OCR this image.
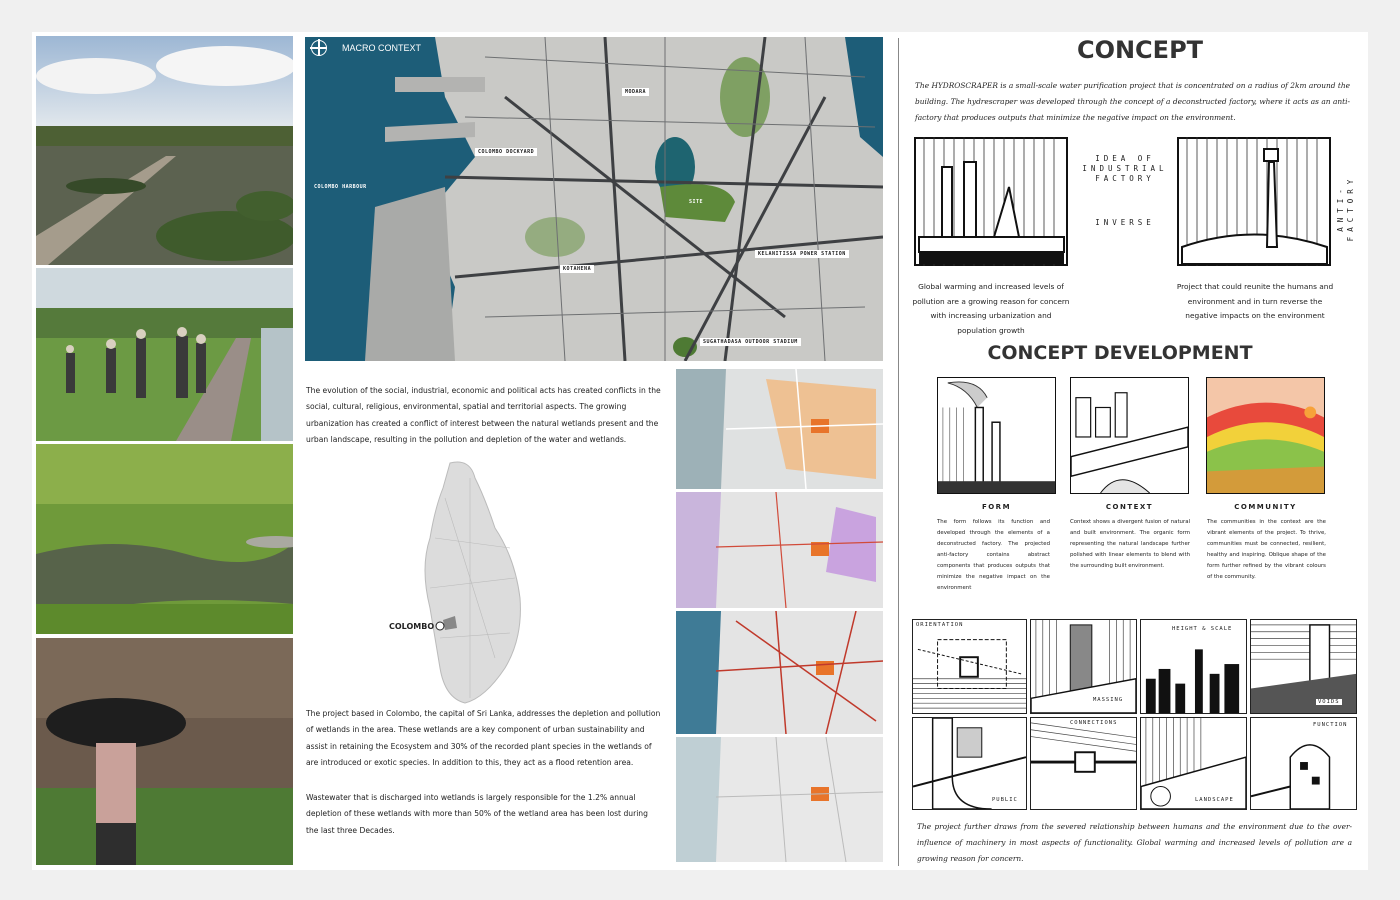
MACRO CONTEXT
MODARA
COLOMBO DOCKYARD
COLOMBO HARBOUR
SITE
KOTAHENA
KELANITISSA POWER STATION
SUGATHADASA OUTDOOR STADIUM
The evolution of the social, industrial, economic and political acts has created conflicts in the social, cultural, religious, environmental, spatial and territorial aspects. The growing urbanization has created a conflict of interest between the natural wetlands present and the urban landscape, resulting in the pollution and depletion of the water and wetlands.
COLOMBO
The project based in Colombo, the capital of Sri Lanka, addresses the depletion and pollution of wetlands in the area. These wetlands are a key component of urban sustainability and assist in retaining the Ecosystem and 30% of the recorded plant species in the wetlands of are introduced or exotic species. In addition to this, they act as a flood retention area.
Wastewater that is discharged into wetlands is largely responsible for the 1.2% annual depletion of these wetlands with more than 50% of the wetland area has been lost during the last three Decades.
CONCEPT
The HYDROSCRAPER is a small-scale water purification project that is concentrated on a radius of 2km around the building. The hydrescraper was developed through the concept of a deconstructed factory, where it acts as an anti-factory that produces outputs that minimize the negative impact on the environment.
IDEA OF INDUSTRIAL FACTORY
INVERSE	ANTI-FACTORY
Global warming and increased levels of pollution are a growing reason for concern with increasing urbanization and population growth
Project that could reunite the humans and environment and in turn reverse the negative impacts on the environment
CONCEPT DEVELOPMENT
FORM	CONTEXT	COMMUNITY
The form follows its function and developed through the elements of a deconstructed factory. The projected anti-factory contains abstract components that produces outputs that minimize the negative impact on the environment
Context shows a divergent fusion of natural and built environment. The organic form representing the natural landscape further polished with linear elements to blend with the surrounding built environment.
The communities in the context are the vibrant elements of the project. To thrive, communities must be connected, resilient, healthy and inspiring. Oblique shape of the form further refined by the vibrant colours of the community.
ORIENTATION
MASSING
HEIGHT & SCALE
VOIDS
PUBLIC
CONNECTIONS
LANDSCAPE
FUNCTION
The project further draws from the severed relationship between humans and the environment due to the over-influence of machinery in most aspects of functionality. Global warming and increased levels of pollution are a growing reason for concern.
